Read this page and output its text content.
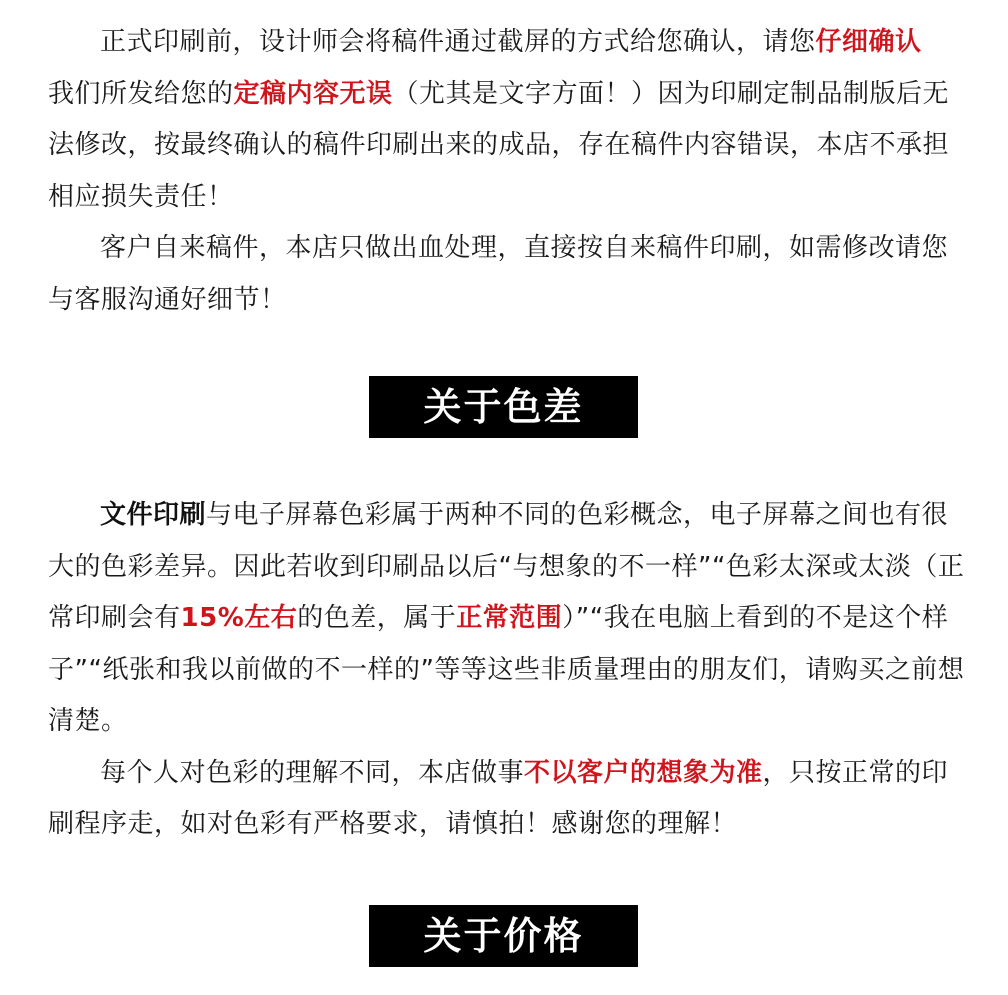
正式印刷前，设计师会将稿件通过截屏的方式给您确认，请您仔细确认
我们所发给您的定稿内容无误（尤其是文字方面！）因为印刷定制品制版后无法修改，按最终确认的稿件印刷出来的成品，存在稿件内容错误，本店不承担相应损失责任！

客户自来稿件，本店只做出血处理，直接按自来稿件印刷，如需修改请您与客服沟通好细节！

关于色差

文件印刷与电子屏幕色彩属于两种不同的色彩概念，电子屏幕之间也有很大的色彩差异。因此若收到印刷品以后“与想象的不一样”“色彩太深或太淡（正常印刷会有15%左右的色差，属于正常范围）”“我在电脑上看到的不是这个样子”“纸张和我以前做的不一样的”等等这些非质量理由的朋友们，请购买之前想清楚。

每个人对色彩的理解不同，本店做事不以客户的想象为准，只按正常的印刷程序走，如对色彩有严格要求，请慎拍！感谢您的理解！

关于价格
